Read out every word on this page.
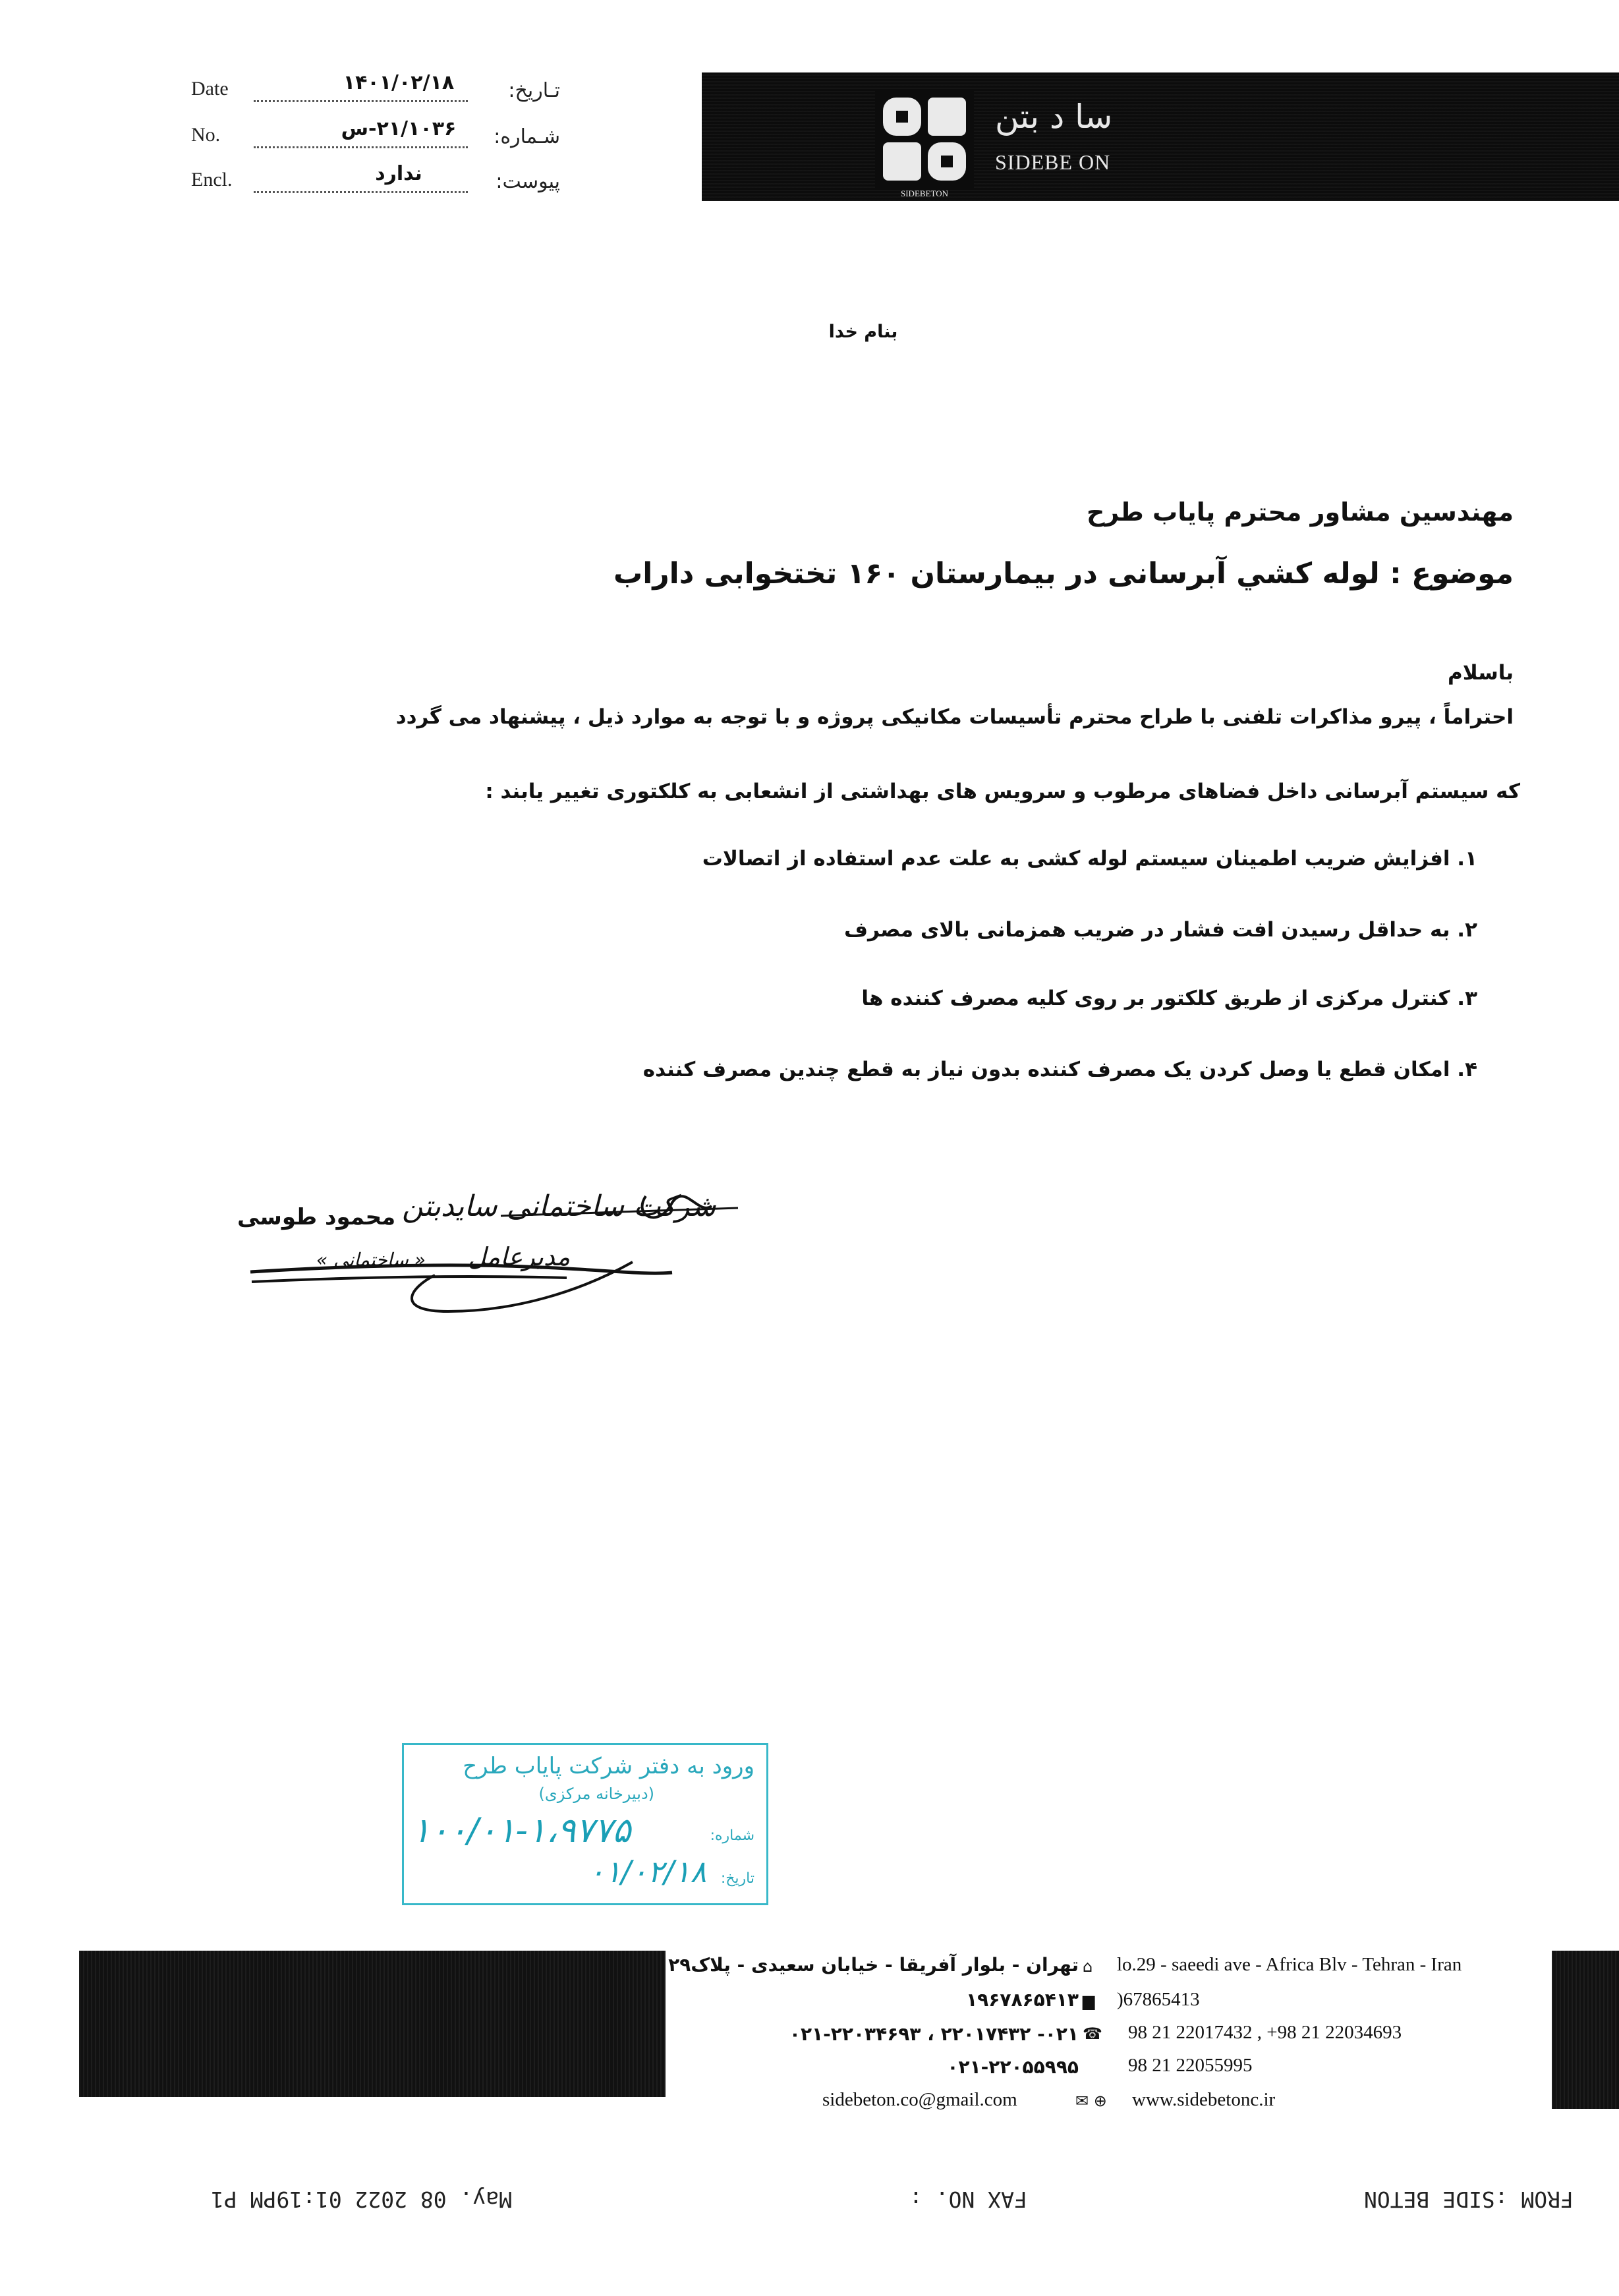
Date	۱۴۰۱/۰۲/۱۸	تـاريخ:
No.	۲۱/۱۰۳۶-س	شـماره:
Encl.	ندارد	پيوست:
SIDEBETON
سا د بتن
SIDEBE ON
بنام خدا
مهندسين مشاور محترم پاياب طرح
موضوع : لوله كشي آبرسانی در بيمارستان ۱۶۰ تختخوابی داراب
باسلام
احتراماً ، پيرو مذاكرات تلفنی با طراح محترم تأسيسات مكانيكی پروژه و با توجه به موارد ذيل ، پيشنهاد می گردد
كه سيستم آبرسانی داخل فضاهای مرطوب و سرويس های بهداشتی از انشعابی به كلكتوری تغيير يابند :
۱. افزايش ضريب اطمينان سيستم لوله كشی به علت عدم استفاده از اتصالات
۲. به حداقل رسيدن افت فشار در ضريب همزمانی بالای مصرف
۳. كنترل مركزی از طريق كلكتور بر روی كليه مصرف كننده ها
۴. امكان قطع يا وصل كردن يک مصرف كننده بدون نياز به قطع چندين مصرف كننده
محمود طوسی شركت ساختمانی سايدبتن
مديرعامل
« ساختمانی »
ورود به دفتر شركت پاياب طرح
(دبيرخانه مركزی)
شماره:
۱۰۰/۰۱-۱،۹۷۷۵
تاريخ:
۰۱/۰۲/۱۸
تهران - بلوار آفريقا - خيابان سعيدی - پلاک۲۹ ⌂ lo.29 - saeedi ave - Africa Blv - Tehran - Iran
۱۹۶۷۸۶۵۴۱۳ ▆ )67865413
۰۲۱- ۲۲۰۱۷۴۳۲ ، ۰۲۱-۲۲۰۳۴۶۹۳ ☎ 98 21 22017432 , +98 21 22034693
۰۲۱-۲۲۰۵۵۹۹۵	98 21 22055995
sidebeton.co@gmail.com	✉ ⊕ www.sidebetonc.ir
May. 08 2022 01:19PM P1	FAX NO. :	FROM :SIDE BETON
